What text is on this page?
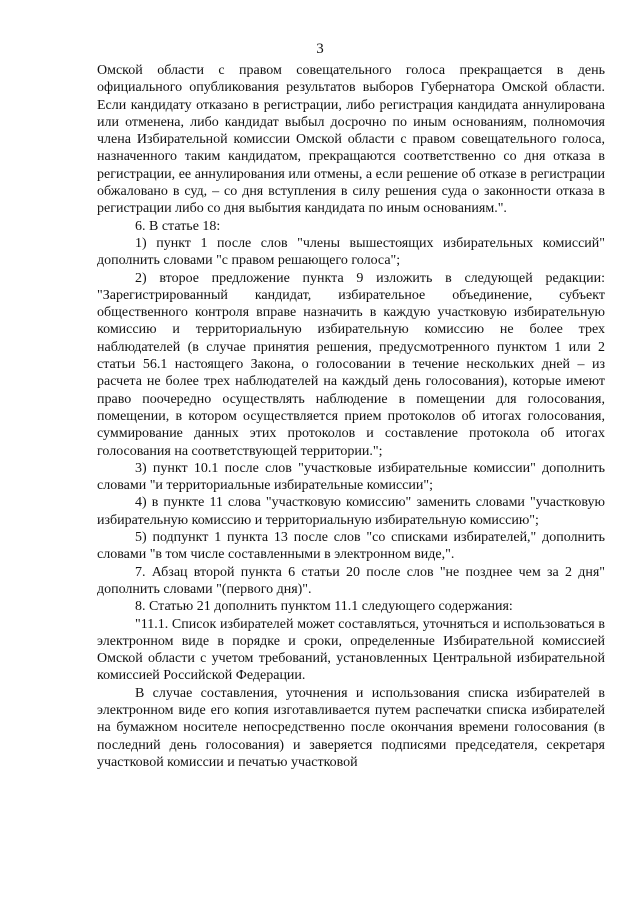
3

Омской области с правом совещательного голоса прекращается в день официального опубликования результатов выборов Губернатора Омской области. Если кандидату отказано в регистрации, либо регистрация кандидата аннулирована или отменена, либо кандидат выбыл досрочно по иным основаниям, полномочия члена Избирательной комиссии Омской области с правом совещательного голоса, назначенного таким кандидатом, прекращаются соответственно со дня отказа в регистрации, ее аннулирования или отмены, а если решение об отказе в регистрации обжаловано в суд, – со дня вступления в силу решения суда о законности отказа в регистрации либо со дня выбытия кандидата по иным основаниям.".

6. В статье 18:

1) пункт 1 после слов "члены вышестоящих избирательных комиссий" дополнить словами "с правом решающего голоса";

2) второе предложение пункта 9 изложить в следующей редакции: "Зарегистрированный кандидат, избирательное объединение, субъект общественного контроля вправе назначить в каждую участковую избирательную комиссию и территориальную избирательную комиссию не более трех наблюдателей (в случае принятия решения, предусмотренного пунктом 1 или 2 статьи 56.1 настоящего Закона, о голосовании в течение нескольких дней – из расчета не более трех наблюдателей на каждый день голосования), которые имеют право поочередно осуществлять наблюдение в помещении для голосования, помещении, в котором осуществляется прием протоколов об итогах голосования, суммирование данных этих протоколов и составление протокола об итогах голосования на соответствующей территории.";

3) пункт 10.1 после слов "участковые избирательные комиссии" дополнить словами "и территориальные избирательные комиссии";

4) в пункте 11 слова "участковую комиссию" заменить словами "участковую избирательную комиссию и территориальную избирательную комиссию";

5) подпункт 1 пункта 13 после слов "со списками избирателей," дополнить словами "в том числе составленными в электронном виде,".

7. Абзац второй пункта 6 статьи 20 после слов "не позднее чем за 2 дня" дополнить словами "(первого дня)".

8. Статью 21 дополнить пунктом 11.1 следующего содержания:

"11.1. Список избирателей может составляться, уточняться и использоваться в электронном виде в порядке и сроки, определенные Избирательной комиссией Омской области с учетом требований, установленных Центральной избирательной комиссией Российской Федерации.

В случае составления, уточнения и использования списка избирателей в электронном виде его копия изготавливается путем распечатки списка избирателей на бумажном носителе непосредственно после окончания времени голосования (в последний день голосования) и заверяется подписями председателя, секретаря участковой комиссии и печатью участковой
